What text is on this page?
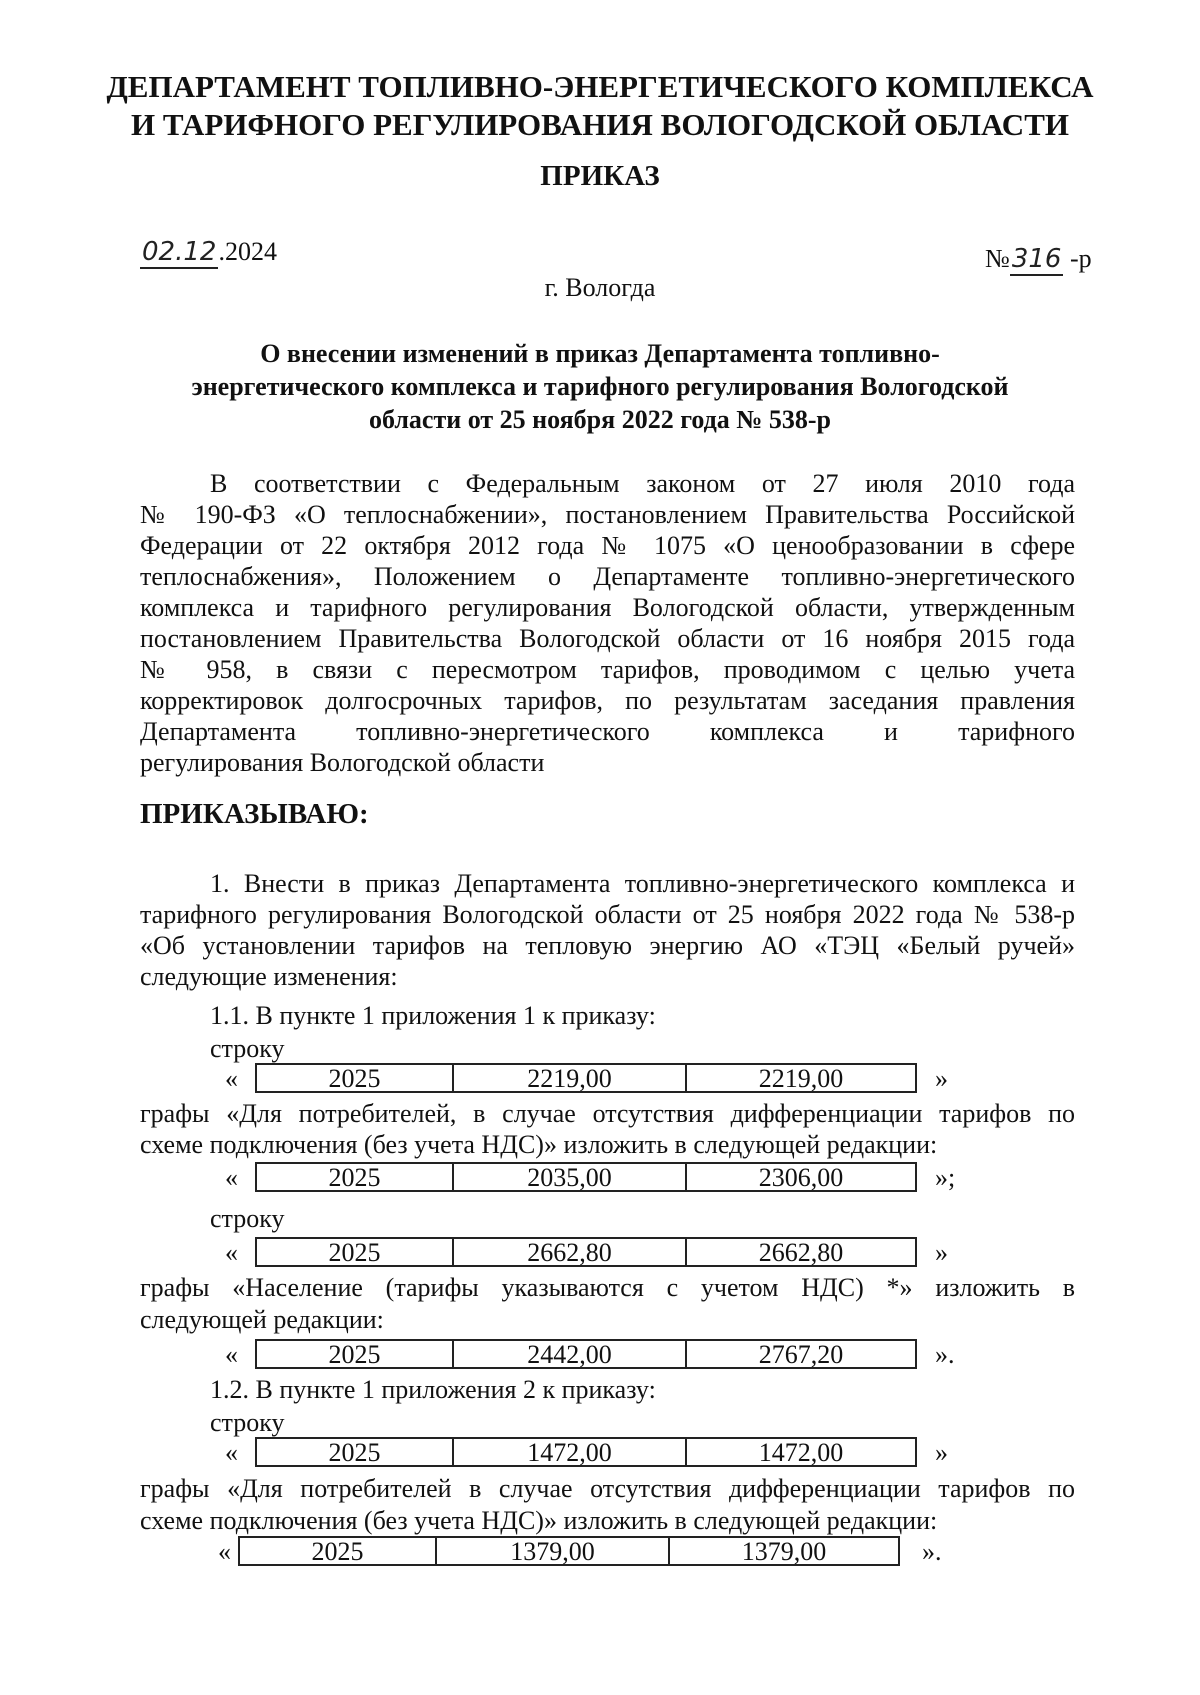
ДЕПАРТАМЕНТ ТОПЛИВНО-ЭНЕРГЕТИЧЕСКОГО КОМПЛЕКСА
И ТАРИФНОГО РЕГУЛИРОВАНИЯ ВОЛОГОДСКОЙ ОБЛАСТИ
ПРИКАЗ
02.12.2024	№316 -р
г. Вологда
О внесении изменений в приказ Департамента топливно-
энергетического комплекса и тарифного регулирования Вологодской
области от 25 ноября 2022 года № 538-р
В соответствии с Федеральным законом от 27 июля 2010 года
№ 190-ФЗ «О теплоснабжении», постановлением Правительства Российской
Федерации от 22 октября 2012 года № 1075 «О ценообразовании в сфере
теплоснабжения», Положением о Департаменте топливно-энергетического
комплекса и тарифного регулирования Вологодской области, утвержденным
постановлением Правительства Вологодской области от 16 ноября 2015 года
№ 958, в связи с пересмотром тарифов, проводимом с целью учета
корректировок долгосрочных тарифов, по результатам заседания правления
Департамента топливно-энергетического комплекса и тарифного
регулирования Вологодской области
ПРИКАЗЫВАЮ:
1. Внести в приказ Департамента топливно-энергетического комплекса и
тарифного регулирования Вологодской области от 25 ноября 2022 года № 538-р
«Об установлении тарифов на тепловую энергию АО «ТЭЦ «Белый ручей»
следующие изменения:
1.1. В пункте 1 приложения 1 к приказу:
строку
«	2025	2219,00	2219,00	»
графы «Для потребителей, в случае отсутствия дифференциации тарифов по
схеме подключения (без учета НДС)» изложить в следующей редакции:
«	2025	2035,00	2306,00	»;
строку
«	2025	2662,80	2662,80	»
графы «Население (тарифы указываются с учетом НДС) *» изложить в
следующей редакции:
«	2025	2442,00	2767,20	».
1.2. В пункте 1 приложения 2 к приказу:
строку
«	2025	1472,00	1472,00	»
графы «Для потребителей в случае отсутствия дифференциации тарифов по
схеме подключения (без учета НДС)» изложить в следующей редакции:
«	2025	1379,00	1379,00	».
